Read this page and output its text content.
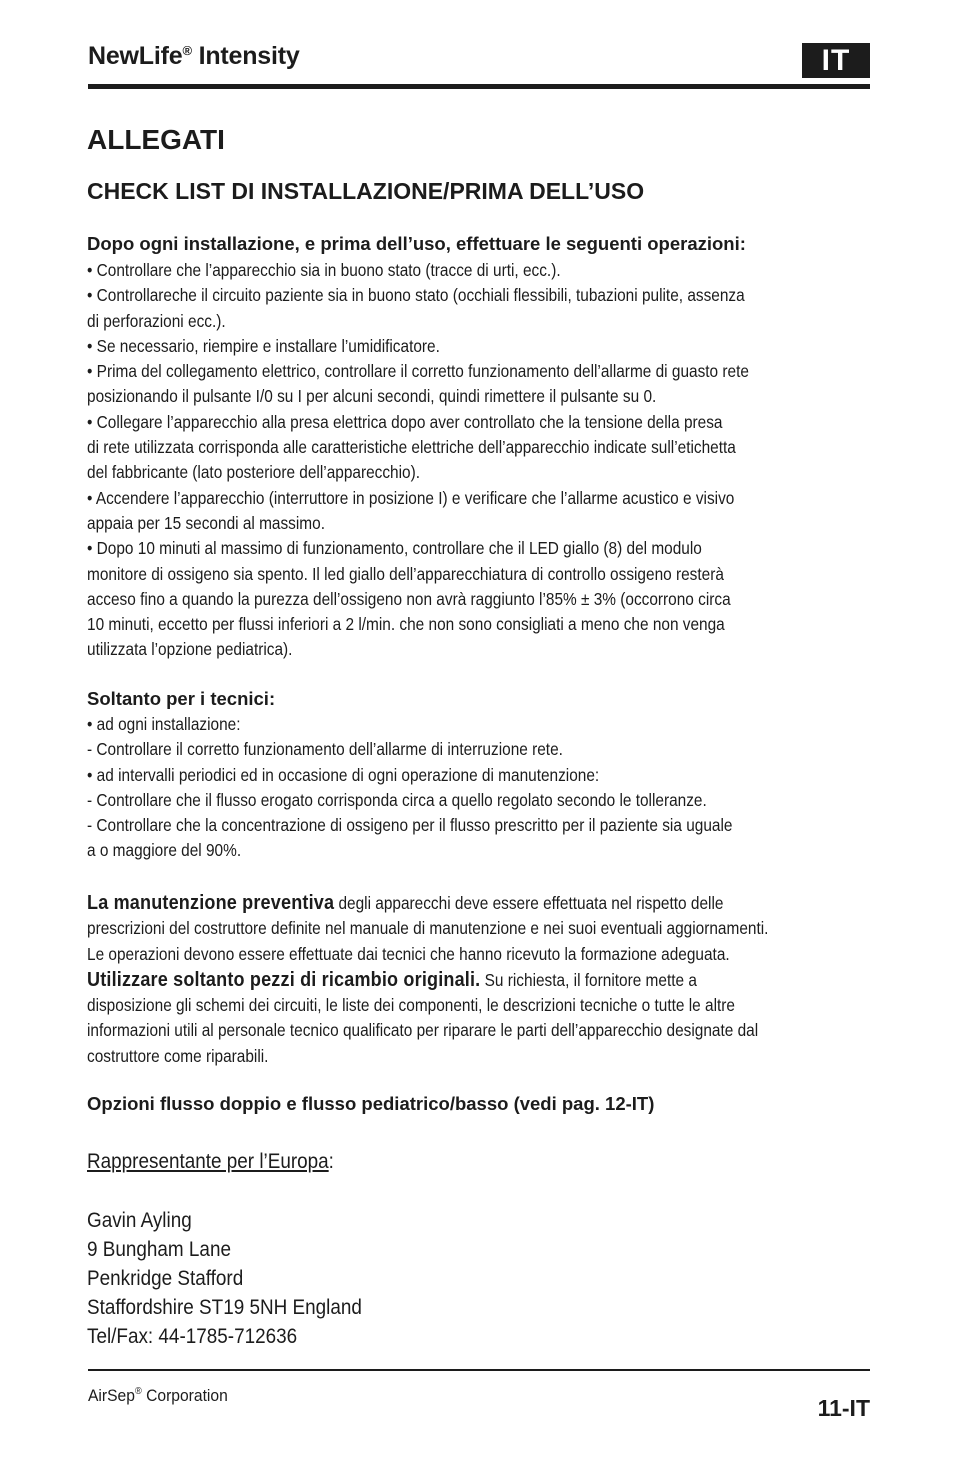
NewLife® Intensity	IT
ALLEGATI
CHECK LIST DI INSTALLAZIONE/PRIMA DELL’USO
Dopo ogni installazione, e prima dell’uso, effettuare le seguenti operazioni:

• Controllare che l’apparecchio sia in buono stato (tracce di urti, ecc.).

• Controllareche il circuito paziente sia in buono stato (occhiali flessibili, tubazioni pulite, assenza

di perforazioni ecc.).

• Se necessario, riempire e installare l’umidificatore.

• Prima del collegamento elettrico, controllare il corretto funzionamento dell’allarme di guasto rete

posizionando il pulsante I/0 su I per alcuni secondi, quindi rimettere il pulsante su 0.

• Collegare l’apparecchio alla presa elettrica dopo aver controllato che la tensione della presa

di rete utilizzata corrisponda alle caratteristiche elettriche dell’apparecchio indicate sull’etichetta

del fabbricante (lato posteriore dell’apparecchio).

• Accendere l’apparecchio (interruttore in posizione I) e verificare che l’allarme acustico e visivo

appaia per 15 secondi al massimo.

• Dopo 10 minuti al massimo di funzionamento, controllare che il LED giallo (8) del modulo

monitore di ossigeno sia spento. Il led giallo dell’apparecchiatura di controllo ossigeno resterà

acceso fino a quando la purezza dell’ossigeno non avrà raggiunto l’85% ± 3% (occorrono circa

10 minuti, eccetto per flussi inferiori a 2 l/min. che non sono consigliati a meno che non venga

utilizzata l’opzione pediatrica).

Soltanto per i tecnici:

• ad ogni installazione:

- Controllare il corretto funzionamento dell’allarme di interruzione rete.

• ad intervalli periodici ed in occasione di ogni operazione di manutenzione:

- Controllare che il flusso erogato corrisponda circa a quello regolato secondo le tolleranze.

- Controllare che la concentrazione di ossigeno per il flusso prescritto per il paziente sia uguale

a o maggiore del 90%.

La manutenzione preventiva degli apparecchi deve essere effettuata nel rispetto delle

prescrizioni del costruttore definite nel manuale di manutenzione e nei suoi eventuali aggiornamenti.

Le operazioni devono essere effettuate dai tecnici che hanno ricevuto la formazione adeguata.

Utilizzare soltanto pezzi di ricambio originali. Su richiesta, il fornitore mette a

disposizione gli schemi dei circuiti, le liste dei componenti, le descrizioni tecniche o tutte le altre

informazioni utili al personale tecnico qualificato per riparare le parti dell’apparecchio designate dal

costruttore come riparabili.

Opzioni flusso doppio e flusso pediatrico/basso (vedi pag. 12-IT)
Rappresentante per l’Europa:
Gavin Ayling
9 Bungham Lane
Penkridge Stafford
Staffordshire ST19 5NH England
Tel/Fax: 44-1785-712636
AirSep® Corporation	11-IT
